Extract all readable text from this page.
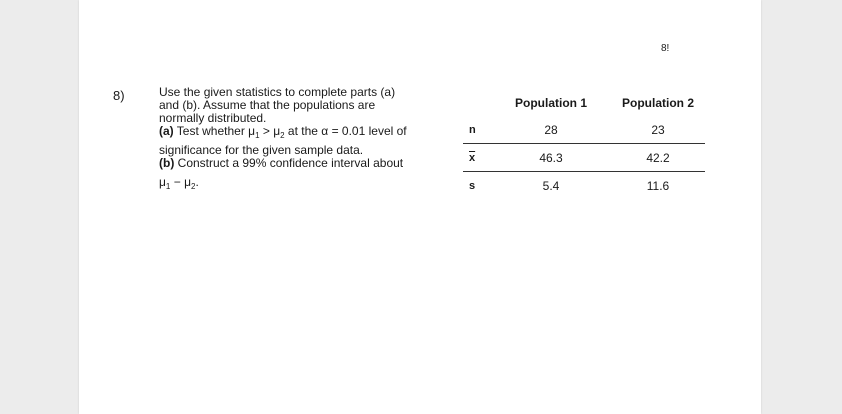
8!
8)	Use the given statistics to complete parts (a)
and (b). Assume that the populations are
normally distributed.
(a) Test whether $\mu_1 > \mu_2$ at the α = 0.01 level of
significance for the given sample data.
(b) Construct a 99% confidence interval about
$\mu_1 - \mu_2$.
	Population 1	Population 2
n	28	23
$\overline{x}$	46.3	42.2
s	5.4	11.6
